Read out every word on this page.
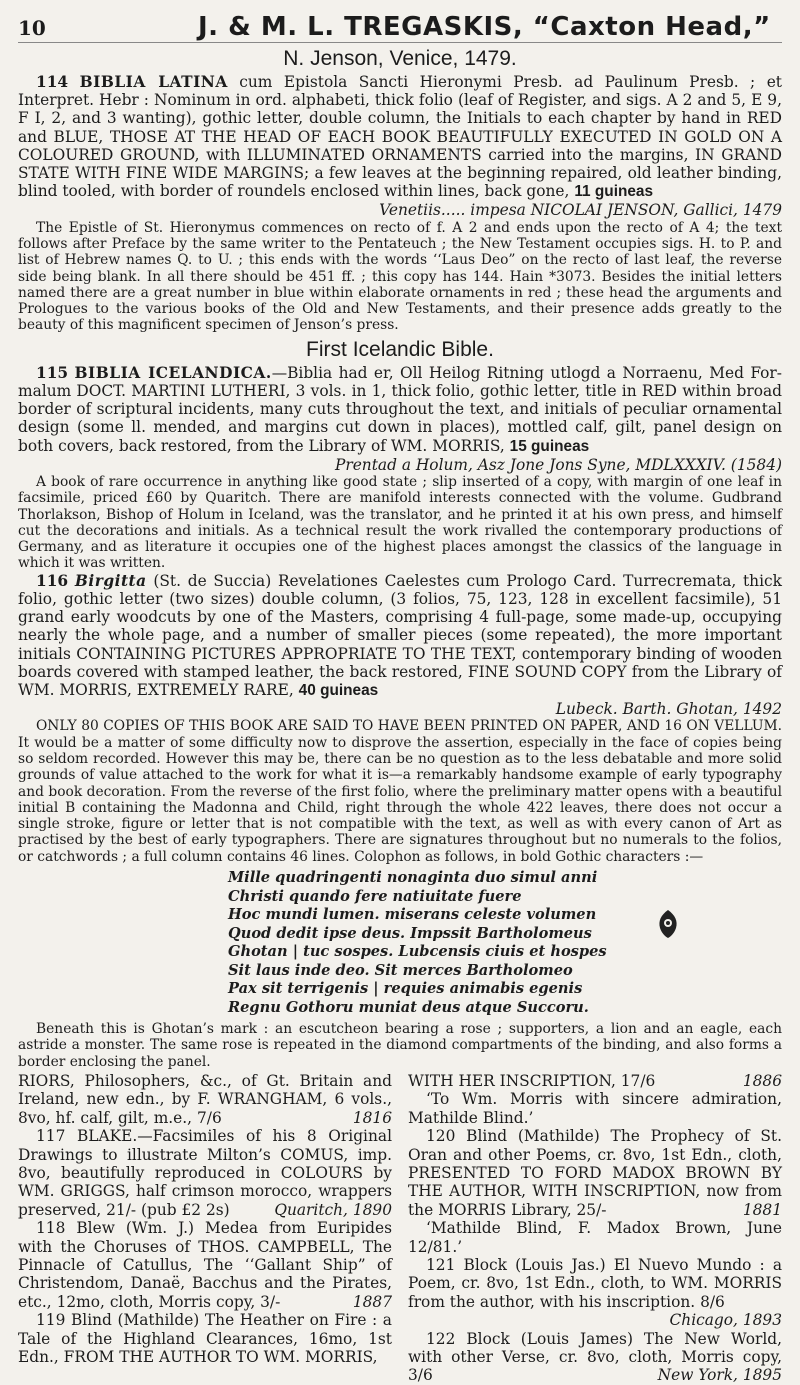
10	J. & M. L. TREGASKIS, “Caxton Head,”
N. Jenson, Venice, 1479.

114 BIBLIA LATINA cum Epistola Sancti Hieronymi Presb. ad Paulinum Presb. ; et Interpret. Hebr : Nominum in ord. alphabeti, thick folio (leaf of Register, and sigs. A 2 and 5, E 9, F I, 2, and 3 wanting), gothic letter, double column, the Initials to each chapter by hand in RED and BLUE, THOSE AT THE HEAD OF EACH BOOK BEAUTIFULLY EXECUTED IN GOLD ON A COLOURED GROUND, with ILLUMINATED ORNAMENTS carried into the margins, IN GRAND STATE WITH FINE WIDE MARGINS; a few leaves at the beginning repaired, old leather binding, blind tooled, with border of roundels enclosed within lines, back gone, 11 guineas

Venetiis..... impesa NICOLAI JENSON, Gallici, 1479

The Epistle of St. Hieronymus commences on recto of f. A 2 and ends upon the recto of A 4; the text follows after Preface by the same writer to the Pentateuch ; the New Testament occupies sigs. H. to P. and list of Hebrew names Q. to U. ; this ends with the words ‘‘Laus Deo” on the recto of last leaf, the reverse side being blank. In all there should be 451 ff. ; this copy has 144. Hain *3073. Besides the initial letters named there are a great number in blue within elaborate ornaments in red ; these head the arguments and Prologues to the various books of the Old and New Testaments, and their presence adds greatly to the beauty of this magnificent specimen of Jenson’s press.

First Icelandic Bible.

115 BIBLIA ICELANDICA.—Biblia had er, Oll Heilog Ritning utlogd a Norraenu, Med For-malum DOCT. MARTINI LUTHERI, 3 vols. in 1, thick folio, gothic letter, title in RED within broad border of scriptural incidents, many cuts throughout the text, and initials of peculiar ornamental design (some ll. mended, and margins cut down in places), mottled calf, gilt, panel design on both covers, back restored, from the Library of WM. MORRIS, 15 guineas

Prentad a Holum, Asz Jone Jons Syne, MDLXXXIV. (1584)

A book of rare occurrence in anything like good state ; slip inserted of a copy, with margin of one leaf in facsimile, priced £60 by Quaritch. There are manifold interests connected with the volume. Gudbrand Thorlakson, Bishop of Holum in Iceland, was the translator, and he printed it at his own press, and himself cut the decorations and initials. As a technical result the work rivalled the contemporary productions of Germany, and as literature it occupies one of the highest places amongst the classics of the language in which it was written.

116 Birgitta (St. de Succia) Revelationes Caelestes cum Prologo Card. Turrecremata, thick folio, gothic letter (two sizes) double column, (3 folios, 75, 123, 128 in excellent facsimile), 51 grand early woodcuts by one of the Masters, comprising 4 full-page, some made-up, occupying nearly the whole page, and a number of smaller pieces (some repeated), the more important initials CONTAINING PICTURES APPROPRIATE TO THE TEXT, contemporary binding of wooden boards covered with stamped leather, the back restored, FINE SOUND COPY from the Library of WM. MORRIS, EXTREMELY RARE, 40 guineas

Lubeck. Barth. Ghotan, 1492

ONLY 80 COPIES OF THIS BOOK ARE SAID TO HAVE BEEN PRINTED ON PAPER, AND 16 ON VELLUM. It would be a matter of some difficulty now to disprove the assertion, especially in the face of copies being so seldom recorded. However this may be, there can be no question as to the less debatable and more solid grounds of value attached to the work for what it is—a remarkably handsome example of early typography and book decoration. From the reverse of the first folio, where the preliminary matter opens with a beautiful initial B containing the Madonna and Child, right through the whole 422 leaves, there does not occur a single stroke, figure or letter that is not compatible with the text, as well as with every canon of Art as practised by the best of early typographers. There are signatures throughout but no numerals to the folios, or catchwords ; a full column contains 46 lines. Colophon as follows, in bold Gothic characters :—

Mille quadringenti nonaginta duo simul anni
Christi quando fere natiuitate fuere
Hoc mundi lumen. miserans celeste volumen
Quod dedit ipse deus. Impssit Bartholomeus
Ghotan | tuc sospes. Lubcensis ciuis et hospes
Sit laus inde deo. Sit merces Bartholomeo
Pax sit terrigenis | requies animabis egenis
Regnu Gothoru muniat deus atque Succoru.

Beneath this is Ghotan’s mark : an escutcheon bearing a rose ; supporters, a lion and an eagle, each astride a monster. The same rose is repeated in the diamond compartments of the binding, and also forms a border enclosing the panel.

RIORS, Philosophers, &c., of Gt. Britain and Ireland, new edn., by F. WRANGHAM, 6 vols., 8vo, hf. calf, gilt, m.e., 7/6	1816

117 BLAKE.—Facsimiles of his 8 Original Drawings to illustrate Milton’s COMUS, imp. 8vo, beautifully reproduced in COLOURS by WM. GRIGGS, half crimson morocco, wrappers preserved, 21/- (pub £2 2s)	Quaritch, 1890

118 Blew (Wm. J.) Medea from Euripides with the Choruses of THOS. CAMPBELL, The Pinnacle of Catullus, The ‘‘Gallant Ship” of Christendom, Danaë, Bacchus and the Pirates, etc., 12mo, cloth, Morris copy, 3/-	1887

119 Blind (Mathilde) The Heather on Fire : a Tale of the Highland Clearances, 16mo, 1st Edn., FROM THE AUTHOR TO WM. MORRIS,

WITH HER INSCRIPTION, 17/6	1886

‘To Wm. Morris with sincere admiration, Mathilde Blind.’

120 Blind (Mathilde) The Prophecy of St. Oran and other Poems, cr. 8vo, 1st Edn., cloth, PRESENTED TO FORD MADOX BROWN BY THE AUTHOR, WITH INSCRIPTION, now from the MORRIS Library, 25/-	1881

‘Mathilde Blind, F. Madox Brown, June 12/81.’

121 Block (Louis Jas.) El Nuevo Mundo : a Poem, cr. 8vo, 1st Edn., cloth, to WM. MORRIS from the author, with his inscription. 8/6
Chicago, 1893

122 Block (Louis James) The New World, with other Verse, cr. 8vo, cloth, Morris copy, 3/6	New York, 1895
